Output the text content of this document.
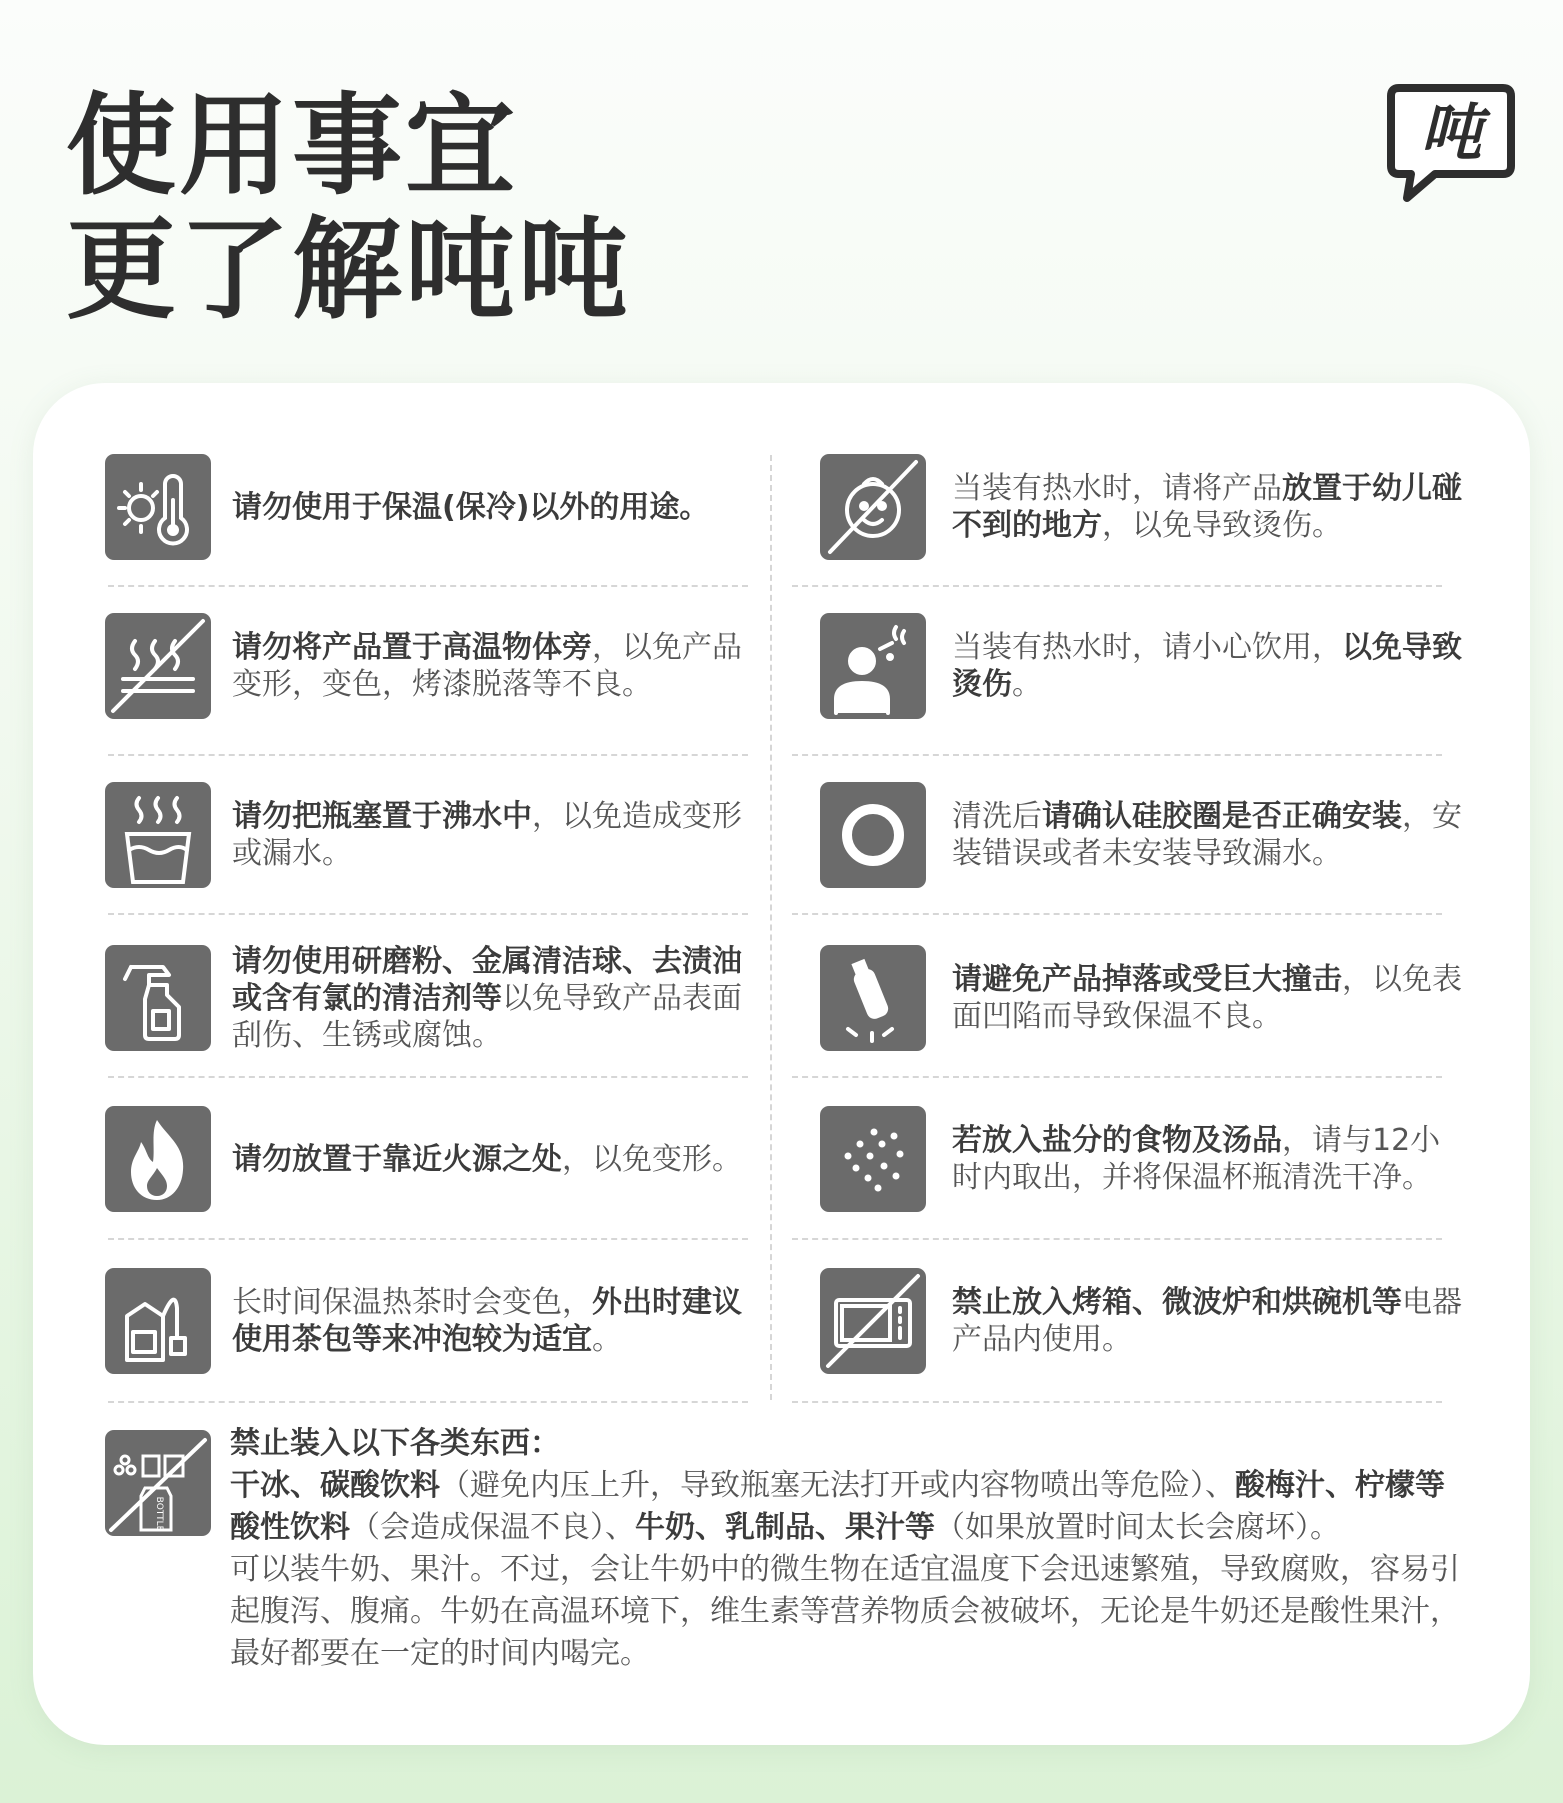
使用事宜
更了解吨吨
吨
请勿使用于保温(保冷)以外的用途。
当装有热水时，请将产品放置于幼儿碰不到的地方，以免导致烫伤。
请勿将产品置于高温物体旁，以免产品变形，变色，烤漆脱落等不良。
当装有热水时，请小心饮用，以免导致烫伤。
请勿把瓶塞置于沸水中，以免造成变形或漏水。
清洗后请确认硅胶圈是否正确安装，安装错误或者未安装导致漏水。
请勿使用研磨粉、金属清洁球、去渍油或含有氯的清洁剂等以免导致产品表面刮伤、生锈或腐蚀。
请避免产品掉落或受巨大撞击，以免表面凹陷而导致保温不良。
请勿放置于靠近火源之处，以免变形。
若放入盐分的食物及汤品，请与12小时内取出，并将保温杯瓶清洗干净。
长时间保温热茶时会变色，外出时建议使用茶包等来冲泡较为适宜。
禁止放入烤箱、微波炉和烘碗机等电器产品内使用。
BOTTLE

禁止装入以下各类东西：

干冰、碳酸饮料（避免内压上升，导致瓶塞无法打开或内容物喷出等危险）、酸梅汁、柠檬等酸性饮料（会造成保温不良）、牛奶、乳制品、果汁等（如果放置时间太长会腐坏）。

可以装牛奶、果汁。不过，会让牛奶中的微生物在适宜温度下会迅速繁殖，导致腐败，容易引起腹泻、腹痛。牛奶在高温环境下，维生素等营养物质会被破坏，无论是牛奶还是酸性果汁，最好都要在一定的时间内喝完。
